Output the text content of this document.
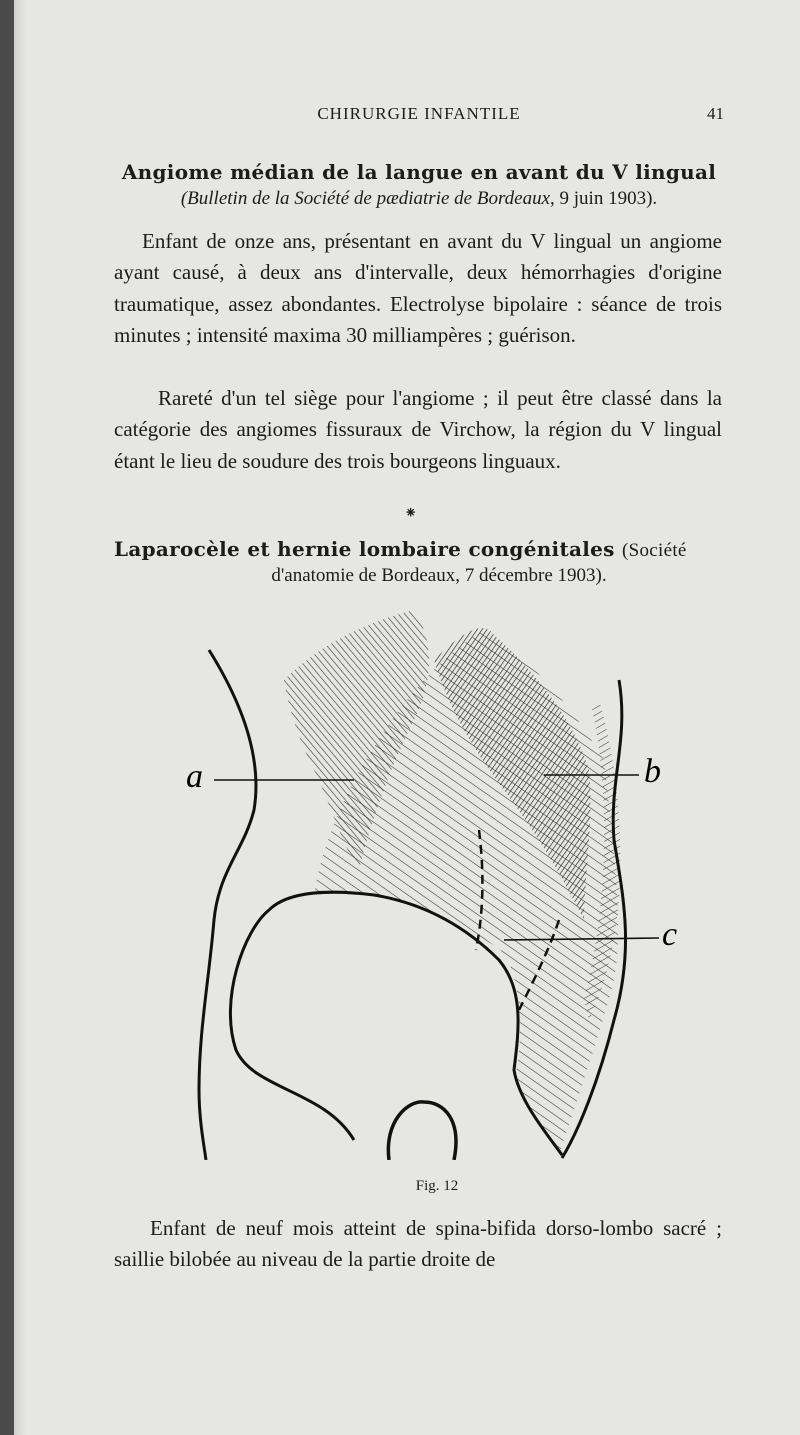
CHIRURGIE INFANTILE	41
Angiome médian de la langue en avant du V lingual
(Bulletin de la Société de pædiatrie de Bordeaux, 9 juin 1903).

Enfant de onze ans, présentant en avant du V lingual un angiome ayant causé, à deux ans d'intervalle, deux hémorrhagies d'origine traumatique, assez abondantes. Electrolyse bipolaire : séance de trois minutes ; intensité maxima 30 milliampères ; guérison.

Rareté d'un tel siège pour l'angiome ; il peut être classé dans la catégorie des angiomes fissuraux de Virchow, la région du V lingual étant le lieu de soudure des trois bourgeons linguaux.

⁕
Laparocèle et hernie lombaire congénitales (Société
d'anatomie de Bordeaux, 7 décembre 1903).
a	b
c
Fig. 12

Enfant de neuf mois atteint de spina-bifida dorso-lombo sacré ; saillie bilobée au niveau de la partie droite de
